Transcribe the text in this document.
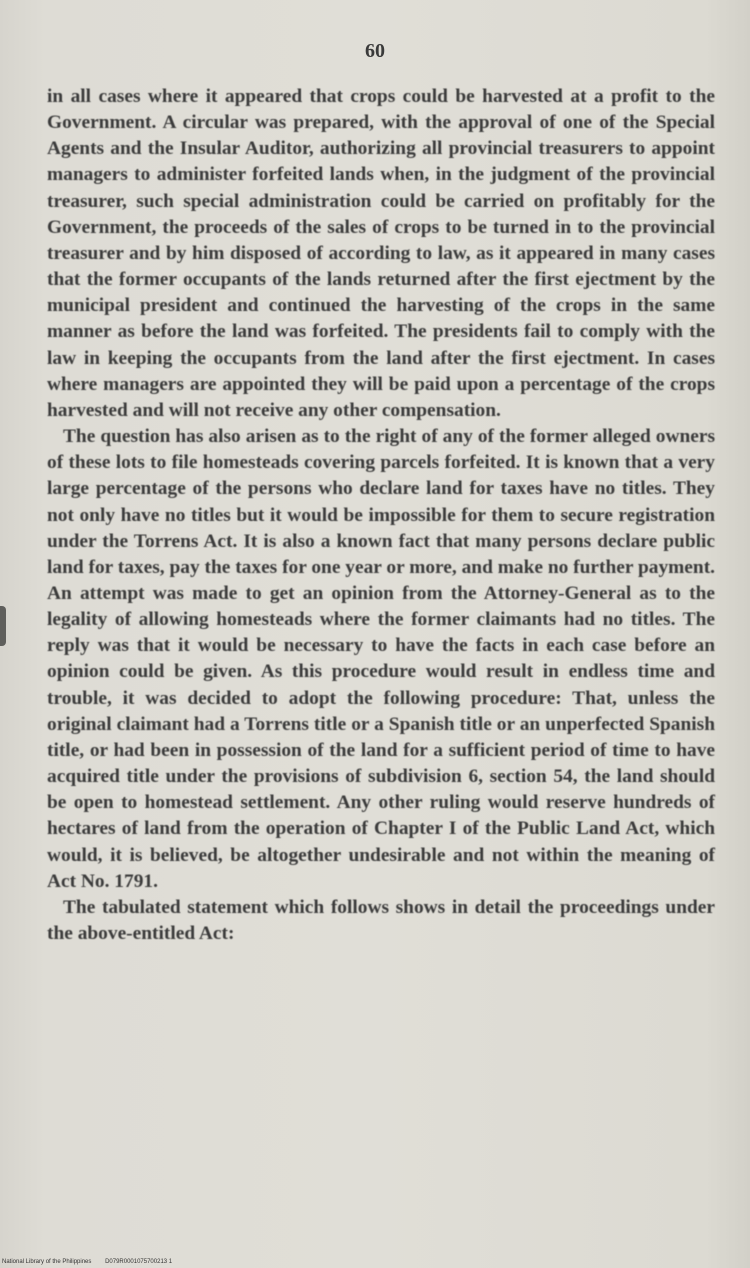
60

in all cases where it appeared that crops could be harvested at a profit to the Government. A circular was prepared, with the approval of one of the Special Agents and the Insular Auditor, authorizing all provincial treasurers to appoint managers to administer forfeited lands when, in the judgment of the provincial treasurer, such special administration could be carried on profitably for the Government, the proceeds of the sales of crops to be turned in to the provincial treasurer and by him disposed of according to law, as it appeared in many cases that the former occupants of the lands returned after the first ejectment by the municipal president and continued the harvesting of the crops in the same manner as before the land was forfeited. The presidents fail to comply with the law in keeping the occupants from the land after the first ejectment. In cases where managers are appointed they will be paid upon a percentage of the crops harvested and will not receive any other compensation.

The question has also arisen as to the right of any of the former alleged owners of these lots to file homesteads covering parcels forfeited. It is known that a very large percentage of the persons who declare land for taxes have no titles. They not only have no titles but it would be impossible for them to secure registration under the Torrens Act. It is also a known fact that many persons declare public land for taxes, pay the taxes for one year or more, and make no further payment. An attempt was made to get an opinion from the Attorney-General as to the legality of allowing homesteads where the former claimants had no titles. The reply was that it would be necessary to have the facts in each case before an opinion could be given. As this procedure would result in endless time and trouble, it was decided to adopt the following procedure: That, unless the original claimant had a Torrens title or a Spanish title or an unperfected Spanish title, or had been in possession of the land for a sufficient period of time to have acquired title under the provisions of subdivision 6, section 54, the land should be open to homestead settlement. Any other ruling would reserve hundreds of hectares of land from the operation of Chapter I of the Public Land Act, which would, it is believed, be altogether undesirable and not within the meaning of Act No. 1791.

The tabulated statement which follows shows in detail the proceedings under the above-entitled Act:

National Library of the Philippines D079R0001075700213 1
